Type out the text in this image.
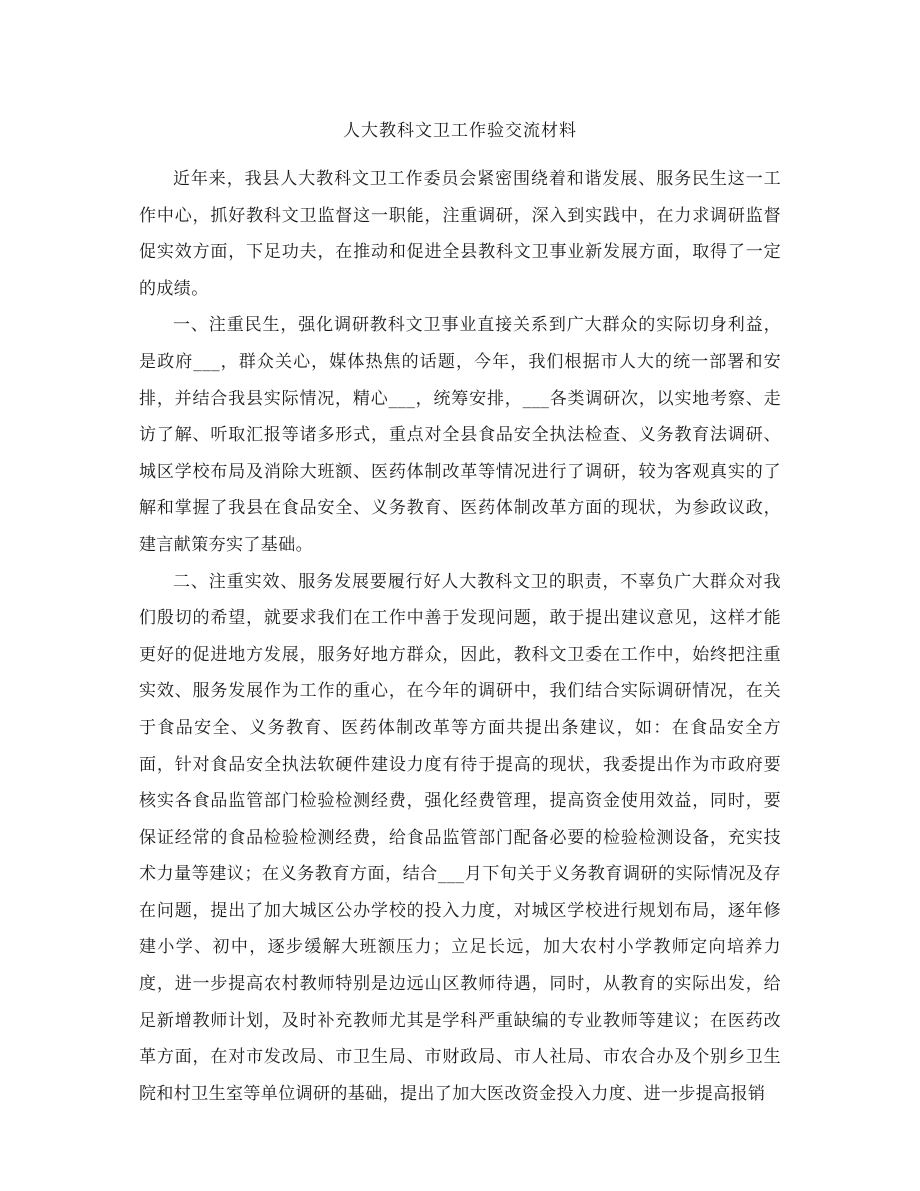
人大教科文卫工作验交流材料

近年来，我县人大教科文卫工作委员会紧密围绕着和谐发展、服务民生这一工作中心，抓好教科文卫监督这一职能，注重调研，深入到实践中，在力求调研监督促实效方面，下足功夫，在推动和促进全县教科文卫事业新发展方面，取得了一定的成绩。

一、注重民生，强化调研教科文卫事业直接关系到广大群众的实际切身利益，是政府___，群众关心，媒体热焦的话题，今年，我们根据市人大的统一部署和安排，并结合我县实际情况，精心___，统筹安排，___各类调研次，以实地考察、走访了解、听取汇报等诸多形式，重点对全县食品安全执法检查、义务教育法调研、城区学校布局及消除大班额、医药体制改革等情况进行了调研，较为客观真实的了解和掌握了我县在食品安全、义务教育、医药体制改革方面的现状，为参政议政，建言献策夯实了基础。

二、注重实效、服务发展要履行好人大教科文卫的职责，不辜负广大群众对我们殷切的希望，就要求我们在工作中善于发现问题，敢于提出建议意见，这样才能更好的促进地方发展，服务好地方群众，因此，教科文卫委在工作中，始终把注重实效、服务发展作为工作的重心，在今年的调研中，我们结合实际调研情况，在关于食品安全、义务教育、医药体制改革等方面共提出条建议，如：在食品安全方面，针对食品安全执法软硬件建设力度有待于提高的现状，我委提出作为市政府要核实各食品监管部门检验检测经费，强化经费管理，提高资金使用效益，同时，要保证经常的食品检验检测经费，给食品监管部门配备必要的检验检测设备，充实技术力量等建议；在义务教育方面，结合___月下旬关于义务教育调研的实际情况及存在问题，提出了加大城区公办学校的投入力度，对城区学校进行规划布局，逐年修建小学、初中，逐步缓解大班额压力；立足长远，加大农村小学教师定向培养力度，进一步提高农村教师特别是边远山区教师待遇，同时，从教育的实际出发，给足新增教师计划，及时补充教师尤其是学科严重缺编的专业教师等建议；在医药改革方面，在对市发改局、市卫生局、市财政局、市人社局、市农合办及个别乡卫生院和村卫生室等单位调研的基础，提出了加大医改资金投入力度、进一步提高报销
